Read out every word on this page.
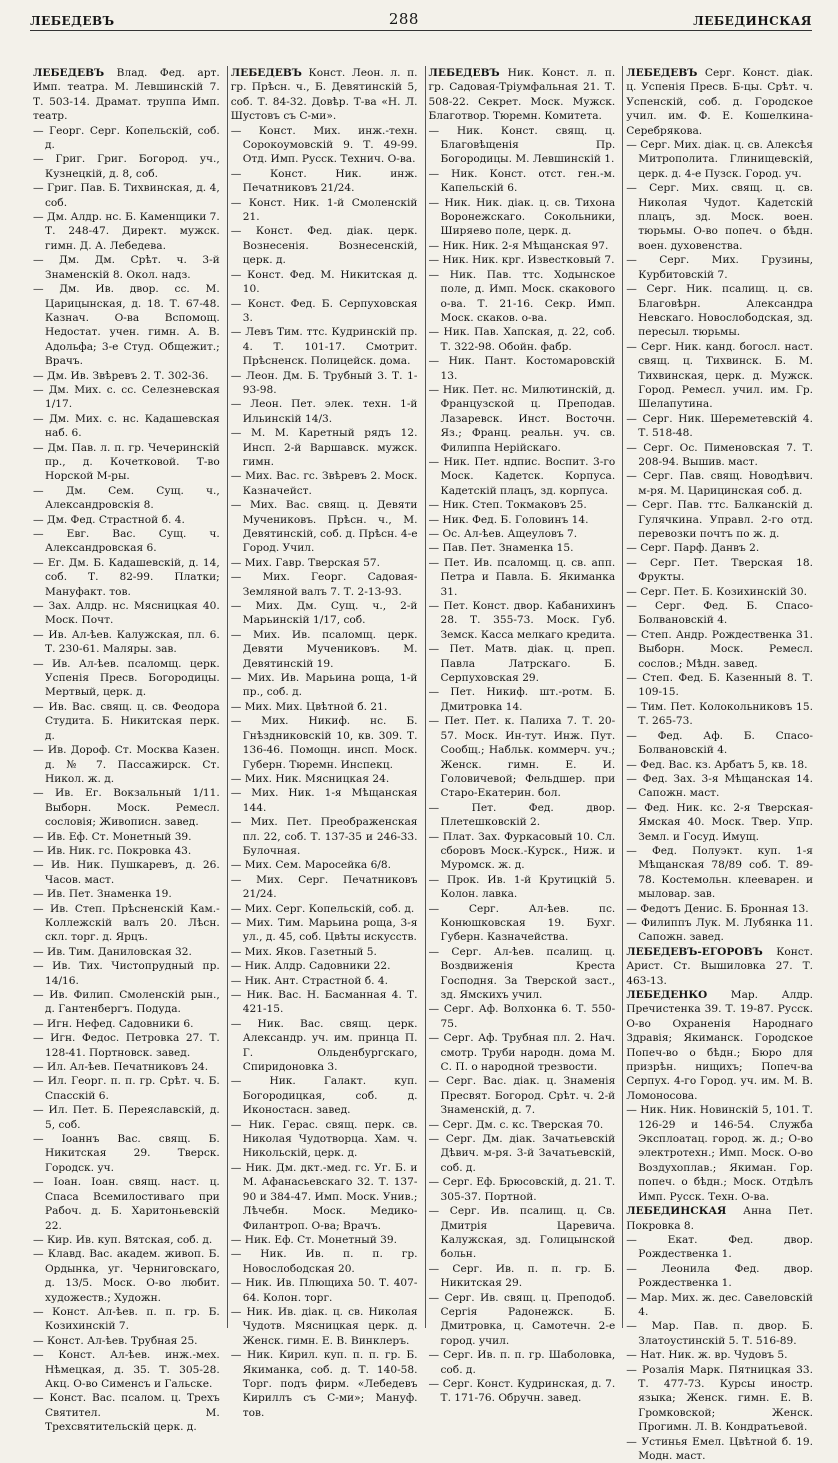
ЛЕБЕДЕВЪ	288	ЛЕБЕДИНСКАЯ

ЛЕБЕДЕВЪ Влад. Фед. арт. Имп. театра. М. Левшинскій 7. Т. 503-14. Драмат. труппа Имп. театр.

— Георг. Серг. Копельскій, соб. д.

— Григ. Григ. Богород. уч., Кузнецкій, д. 8, соб.

— Григ. Пав. Б. Тихвинская, д. 4, соб.

— Дм. Алдр. нс. Б. Каменщики 7. Т. 248-47. Директ. мужск. гимн. Д. А. Лебедева.

— Дм. Дм. Срѣт. ч. 3-й Знаменскій 8. Окол. надз.

— Дм. Ив. двор. сс. М. Царицынская, д. 18. Т. 67-48. Казнач. О-ва Вспомощ. Недостат. учен. гимн. А. В. Адольфа; 3-е Студ. Общежит.; Врачъ.

— Дм. Ив. Звѣревъ 2. Т. 302-36.

— Дм. Мих. с. сс. Селезневская 1/17.

— Дм. Мих. с. нс. Кадашевская наб. 6.

— Дм. Пав. л. п. гр. Чечеринскій пр., д. Кочетковой. Т-во Норской М-ры.

— Дм. Сем. Сущ. ч., Александровскія 8.

— Дм. Фед. Страстной б. 4.

— Евг. Вас. Сущ. ч. Александровская 6.

— Ег. Дм. Б. Кадашевскій, д. 14, соб. Т. 82-99. Платки; Мануфакт. тов.

— Зах. Алдр. нс. Мясницкая 40. Моск. Почт.

— Ив. Ал-ѣев. Калужская, пл. 6. Т. 230-61. Маляры. зав.

— Ив. Ал-ѣев. псаломщ. церк. Успенія Пресв. Богородицы. Мертвый, церк. д.

— Ив. Вас. свящ. ц. св. Феодора Студита. Б. Никитская перк. д.

— Ив. Дороф. Ст. Москва Казен. д. № 7. Пассажирск. Ст. Никол. ж. д.

— Ив. Ег. Вокзальный 1/11. Выборн. Моск. Ремесл. сословія; Живописн. завед.

— Ив. Еф. Ст. Монетный 39.

— Ив. Ник. гс. Покровка 43.

— Ив. Ник. Пушкаревъ, д. 26. Часов. маст.

— Ив. Пет. Знаменка 19.

— Ив. Степ. Прѣсненскій Кам.-Коллежскій валъ 20. Лѣсн. скл. торг. д. Ярцъ.

— Ив. Тим. Даниловская 32.

— Ив. Тих. Чистопрудный пр. 14/16.

— Ив. Филип. Смоленскій рын., д. Гантенбергъ. Подуда.

— Игн. Нефед. Садовники 6.

— Игн. Федос. Петровка 27. Т. 128-41. Портновск. завед.

— Ил. Ал-ѣев. Печатниковъ 24.

— Ил. Георг. п. п. гр. Срѣт. ч. Б. Спасскій 6.

— Ил. Пет. Б. Переяславскій, д. 5, соб.

— Іоаннъ Вас. свящ. Б. Никитская 29. Тверск. Городск. уч.

— Іоан. Іоан. свящ. наст. ц. Спаса Всемилостиваго при Рабоч. д. Б. Харитоньевскій 22.

— Кир. Ив. куп. Вятская, соб. д.

— Клавд. Вас. академ. живоп. Б. Ордынка, уг. Черниговскаго, д. 13/5. Моск. О-во любит. художеств.; Художн.

— Конст. Ал-ѣев. п. п. гр. Б. Козихинскій 7.

— Конст. Ал-ѣев. Трубная 25.

— Конст. Ал-ѣев. инж.-мех. Нѣмецкая, д. 35. Т. 305-28. Акц. О-во Сименсъ и Гальске.

— Конст. Вас. псалом. ц. Трехъ Святител. М. Трехсвятительскій церк. д.

ЛЕБЕДЕВЪ Конст. Леон. л. п. гр. Прѣсн. ч., Б. Девятинскій 5, соб. Т. 84-32. Довѣр. Т-ва «Н. Л. Шустовъ съ С-ми».

— Конст. Мих. инж.-техн. Сорокоумовскій 9. Т. 49-99. Отд. Имп. Русск. Технич. О-ва.

— Конст. Ник. инж. Печатниковъ 21/24.

— Конст. Ник. 1-й Смоленскій 21.

— Конст. Фед. діак. церк. Вознесенія. Вознесенскій, церк. д.

— Конст. Фед. М. Никитская д. 10.

— Конст. Фед. Б. Серпуховская 3.

— Левъ Тим. ттс. Кудринскій пр. 4. Т. 101-17. Смотрит. Прѣсненск. Полицейск. дома.

— Леон. Дм. Б. Трубный 3. Т. 1-93-98.

— Леон. Пет. элек. техн. 1-й Ильинскій 14/3.

— М. М. Каретный рядъ 12. Инсп. 2-й Варшавск. мужск. гимн.

— Мих. Вас. гс. Звѣревъ 2. Моск. Казначейст.

— Мих. Вас. свящ. ц. Девяти Мучениковъ. Прѣсн. ч., М. Девятинскій, соб. д. Прѣсн. 4-е Город. Учил.

— Мих. Гавр. Тверская 57.

— Мих. Георг. Садовая-Земляной валъ 7. Т. 2-13-93.

— Мих. Дм. Сущ. ч., 2-й Марьинскій 1/17, соб.

— Мих. Ив. псаломщ. церк. Девяти Мучениковъ. М. Девятинскій 19.

— Мих. Ив. Марьина роща, 1-й пр., соб. д.

— Мих. Мих. Цвѣтной б. 21.

— Мих. Никиф. нс. Б. Гнѣздниковскій 10, кв. 309. Т. 136-46. Помощн. инсп. Моск. Губерн. Тюремн. Инспекц.

— Мих. Ник. Мясницкая 24.

— Мих. Ник. 1-я Мѣщанская 144.

— Мих. Пет. Преображенская пл. 22, соб. Т. 137-35 и 246-33. Булочная.

— Мих. Сем. Маросейка 6/8.

— Мих. Серг. Печатниковъ 21/24.

— Мих. Серг. Копельскій, соб. д.

— Мих. Тим. Марьина роща, 3-я ул., д. 45, соб. Цвѣты искусств.

— Мих. Яков. Газетный 5.

— Ник. Алдр. Садовники 22.

— Ник. Ант. Страстной б. 4.

— Ник. Вас. Н. Басманная 4. Т. 421-15.

— Ник. Вас. свящ. церк. Александр. уч. им. принца П. Г. Ольденбургскаго, Спиридоновка 3.

— Ник. Галакт. куп. Богородицкая, соб. д. Иконостасн. завед.

— Ник. Герас. свящ. перк. св. Николая Чудотворца. Хам. ч. Никольскій, церк. д.

— Ник. Дм. дкт.-мед. гс. Уг. Б. и М. Афанасьевскаго 32. Т. 137-90 и 384-47. Имп. Моск. Унив.; Лѣчебн. Моск. Медико-Филантроп. О-ва; Врачъ.

— Ник. Еф. Ст. Монетный 39.

— Ник. Ив. п. п. гр. Новослободская 20.

— Ник. Ив. Плющиха 50. Т. 407-64. Колон. торг.

— Ник. Ив. діак. ц. св. Николая Чудотв. Мясницкая церк. д. Женск. гимн. Е. В. Винклеръ.

— Ник. Кирил. куп. п. п. гр. Б. Якиманка, соб. д. Т. 140-58. Торг. подъ фирм. «Лебедевъ Кириллъ съ С-ми»; Мануф. тов.

ЛЕБЕДЕВЪ Ник. Конст. л. п. гр. Садовая-Тріумфальная 21. Т. 508-22. Секрет. Моск. Мужск. Благотвор. Тюремн. Комитета.

— Ник. Конст. свящ. ц. Благовѣщенія Пр. Богородицы. М. Левшинскій 1.

— Ник. Конст. отст. ген.-м. Капельскій 6.

— Ник. Ник. діак. ц. св. Тихона Воронежскаго. Сокольники, Ширяево поле, церк. д.

— Ник. Ник. 2-я Мѣщанская 97.

— Ник. Ник. крг. Известковый 7.

— Ник. Пав. ттс. Ходынское поле, д. Имп. Моск. скакового о-ва. Т. 21-16. Секр. Имп. Моск. скаков. о-ва.

— Ник. Пав. Хапская, д. 22, соб. Т. 322-98. Обойн. фабр.

— Ник. Пант. Костомаровскій 13.

— Ник. Пет. нс. Милютинскій, д. Французской ц. Преподав. Лазаревск. Инст. Восточн. Яз.; Франц. реальн. уч. св. Филиппа Нерійскаго.

— Ник. Пет. ндпис. Воспит. 3-го Моск. Кадетск. Корпуса. Кадетскій плацъ, зд. корпуса.

— Ник. Степ. Токмаковъ 25.

— Ник. Фед. Б. Головинъ 14.

— Ос. Ал-ѣев. Ащеуловъ 7.

— Пав. Пет. Знаменка 15.

— Пет. Ив. псаломщ. ц. св. апп. Петра и Павла. Б. Якиманка 31.

— Пет. Конст. двор. Кабанихинъ 28. Т. 355-73. Моск. Губ. Земск. Касса мелкаго кредита.

— Пет. Матв. діак. ц. преп. Павла Латрскаго. Б. Серпуховская 29.

— Пет. Никиф. шт.-ротм. Б. Дмитровка 14.

— Пет. Пет. к. Палиха 7. Т. 20-57. Моск. Ин-тут. Инж. Пут. Сообщ.; Набльк. коммерч. уч.; Женск. гимн. Е. И. Головичевой; Фельдшер. при Старо-Екатерин. бол.

— Пет. Фед. двор. Плетешковскій 2.

— Плат. Зах. Фуркасовый 10. Сл. сборовъ Моск.-Курск., Ниж. и Муромск. ж. д.

— Прок. Ив. 1-й Крутицкій 5. Колон. лавка.

— Серг. Ал-ѣев. пс. Конюшковская 19. Бухг. Губерн. Казначейства.

— Серг. Ал-ѣев. псалищ. ц. Воздвиженія Креста Господня. За Тверской заст., зд. Ямскихъ учил.

— Серг. Аф. Волхонка 6. Т. 550-75.

— Серг. Аф. Трубная пл. 2. Нач. смотр. Труби народн. дома М. С. П. о народной трезвости.

— Серг. Вас. діак. ц. Знаменія Пресвят. Богород. Срѣт. ч. 2-й Знаменскій, д. 7.

— Серг. Дм. с. кс. Тверская 70.

— Серг. Дм. діак. Зачатьевскій Дѣвич. м-ря. 3-й Зачатьевскій, соб. д.

— Серг. Еф. Брюсовскій, д. 21. Т. 305-37. Портной.

— Серг. Ив. псалищ. ц. Св. Дмитрія Царевича. Калужская, зд. Голицынской больн.

— Серг. Ив. п. п. гр. Б. Никитская 29.

— Серг. Ив. свящ. ц. Преподоб. Сергія Радонежск. Б. Дмитровка, ц. Самотечн. 2-е город. учил.

— Серг. Ив. п. п. гр. Шаболовка, соб. д.

— Серг. Конст. Кудринская, д. 7. Т. 171-76. Обручн. завед.

ЛЕБЕДЕВЪ Серг. Конст. діак. ц. Успенія Пресв. Б-цы. Срѣт. ч. Успенскій, соб. д. Городское учил. им. Ф. Е. Кошелкина-Серебрякова.

— Серг. Мих. діак. ц. св. Алексѣя Митрополита. Глинищевскій, церк. д. 4-е Пузск. Город. уч.

— Серг. Мих. свящ. ц. св. Николая Чудот. Кадетскій плацъ, зд. Моск. воен. тюрьмы. О-во попеч. о бѣдн. воен. духовенства.

— Серг. Мих. Грузины, Курбитовскій 7.

— Серг. Ник. псалищ. ц. св. Благовѣрн. Александра Невскаго. Новослободская, зд. пересыл. тюрьмы.

— Серг. Ник. канд. богосл. наст. свящ. ц. Тихвинск. Б. М. Тихвинская, церк. д. Мужск. Город. Ремесл. учил. им. Гр. Шелапутина.

— Серг. Ник. Шереметевскій 4. Т. 518-48.

— Серг. Ос. Пименовская 7. Т. 208-94. Вышив. маст.

— Серг. Пав. свящ. Новодѣвич. м-ря. М. Царицинская соб. д.

— Серг. Пав. ттс. Балканскій д. Гулячкина. Управл. 2-го отд. перевозки почтъ по ж. д.

— Серг. Парф. Данвъ 2.

— Серг. Пет. Тверская 18. Фрукты.

— Серг. Пет. Б. Козихинскій 30.

— Серг. Фед. Б. Спасо-Болвановскій 4.

— Степ. Андр. Рождественка 31. Выборн. Моск. Ремесл. сослов.; Мѣдн. завед.

— Степ. Фед. Б. Казенный 8. Т. 109-15.

— Тим. Пет. Колокольниковъ 15. Т. 265-73.

— Фед. Аф. Б. Спасо-Болвановскій 4.

— Фед. Вас. кз. Арбатъ 5, кв. 18.

— Фед. Зах. 3-я Мѣщанская 14. Сапожн. маст.

— Фед. Ник. кс. 2-я Тверская-Ямская 40. Моск. Твер. Упр. Земл. и Госуд. Имущ.

— Фед. Полуэкт. куп. 1-я Мѣщанская 78/89 соб. Т. 89-78. Костемольн. клееварен. и мыловар. зав.

— Федотъ Денис. Б. Бронная 13.

— Филиппъ Лук. М. Лубянка 11. Сапожн. завед.

ЛЕБЕДЕВЪ-ЕГОРОВЪ Конст. Арист. Ст. Вышиловка 27. Т. 463-13.

ЛЕБЕДЕНКО Мар. Алдр. Пречистенка 39. Т. 19-87. Русск. О-во Охраненія Народнаго Здравія; Якиманск. Городское Попеч-во о бѣдн.; Бюро для призрѣн. нищихъ; Попеч-ва Серпух. 4-го Город. уч. им. М. В. Ломоносова.

— Ник. Ник. Новинскій 5, 101. Т. 126-29 и 146-54. Служба Эксплоатац. город. ж. д.; О-во электротехн.; Имп. Моск. О-во Воздухоплав.; Якиман. Гор. попеч. о бѣдн.; Моск. Отдѣлъ Имп. Русск. Техн. О-ва.

ЛЕБЕДИНСКАЯ Анна Пет. Покровка 8.

— Екат. Фед. двор. Рождественка 1.

— Леонила Фед. двор. Рождественка 1.

— Мар. Мих. ж. дес. Савеловскій 4.

— Мар. Пав. п. двор. Б. Златоустинскій 5. Т. 516-89.

— Нат. Ник. ж. вр. Чудовъ 5.

— Розалія Марк. Пятницкая 33. Т. 477-73. Курсы иностр. языка; Женск. гимн. Е. В. Громковской; Женск. Прогимн. Л. В. Кондратьевой.

— Устинья Емел. Цвѣтной б. 19. Модн. маст.
